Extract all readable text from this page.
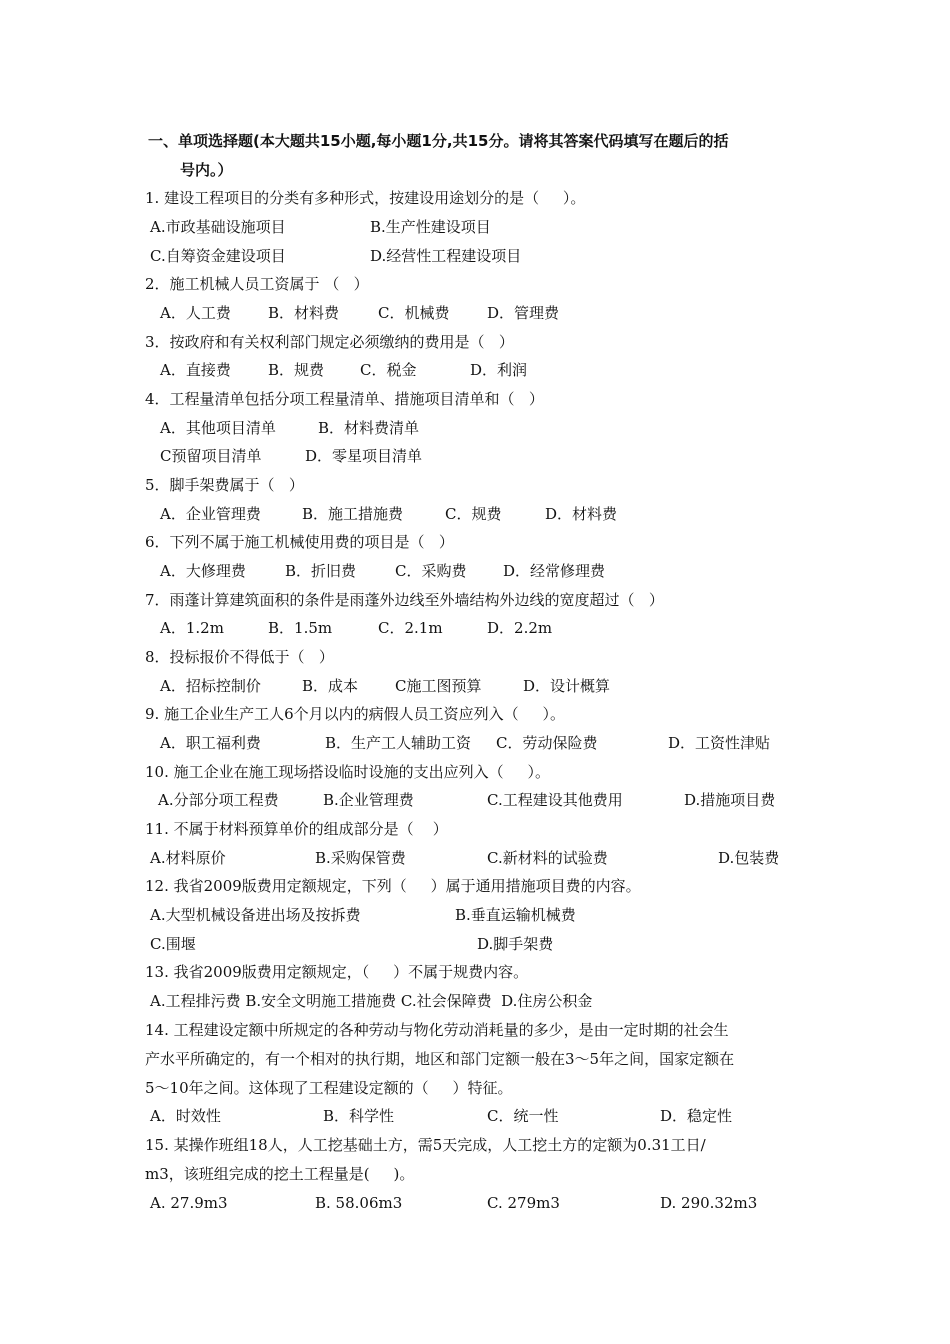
一、单项选择题(本大题共15小题,每小题1分,共15分。请将其答案代码填写在题后的括
号内。）
1. 建设工程项目的分类有多种形式，按建设用途划分的是（     ）。
A.市政基础设施项目	B.生产性建设项目
C.自筹资金建设项目	D.经营性工程建设项目
2．施工机械人员工资属于 （   ）
A．人工费 B．材料费	C．机械费	D．管理费
3．按政府和有关权利部门规定必须缴纳的费用是（   ）
A．直接费 B．规费 C．税金	D．利润
4．工程量清单包括分项工程量清单、措施项目清单和（   ）
A．其他项目清单	B．材料费清单
C预留项目清单	D．零星项目清单
5．脚手架费属于（   ）
A．企业管理费	B．施工措施费	C．规费	D．材料费
6．下列不属于施工机械使用费的项目是（   ）
A．大修理费	B．折旧费	C．采购费 D．经常修理费
7．雨蓬计算建筑面积的条件是雨蓬外边线至外墙结构外边线的宽度超过（   ）
A．1.2m	B．1.5m	C．2.1m	D．2.2m
8．投标报价不得低于（   ）
A．招标控制价	B．成本 C施工图预算	D．设计概算
9. 施工企业生产工人6个月以内的病假人员工资应列入（     ）。
A．职工福利费	B．生产工人辅助工资 C．劳动保险费	D．工资性津贴
10. 施工企业在施工现场搭设临时设施的支出应列入（     ）。
A.分部分项工程费	B.企业管理费	C.工程建设其他费用	D.措施项目费
11. 不属于材料预算单价的组成部分是（    ）
A.材料原价	B.采购保管费	C.新材料的试验费	D.包装费
12. 我省2009版费用定额规定，下列（     ）属于通用措施项目费的内容。
A.大型机械设备进出场及按拆费	B.垂直运输机械费
C.围堰	D.脚手架费
13. 我省2009版费用定额规定，（     ）不属于规费内容。
A.工程排污费 B.安全文明施工措施费 C.社会保障费  D.住房公积金
14. 工程建设定额中所规定的各种劳动与物化劳动消耗量的多少，是由一定时期的社会生
产水平所确定的，有一个相对的执行期，地区和部门定额一般在3～5年之间，国家定额在
5～10年之间。这体现了工程建设定额的（     ）特征。
A．时效性	B．科学性	C．统一性	D．稳定性
15. 某操作班组18人，人工挖基础土方，需5天完成，人工挖土方的定额为0.31工日/
m3，该班组完成的挖土工程量是(     )。
A. 27.9m3	B. 58.06m3	C. 279m3	D. 290.32m3
